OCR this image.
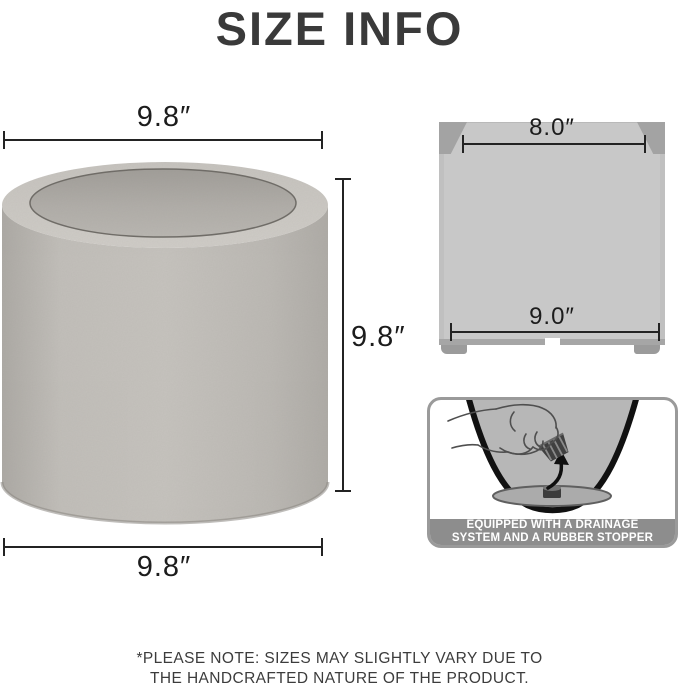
SIZE INFO
9.8″
9.8″
9.8″
8.0″
9.0″
EQUIPPED WITH A DRAINAGE
SYSTEM AND A RUBBER STOPPER
*PLEASE NOTE: SIZES MAY SLIGHTLY VARY DUE TO
THE HANDCRAFTED NATURE OF THE PRODUCT.
